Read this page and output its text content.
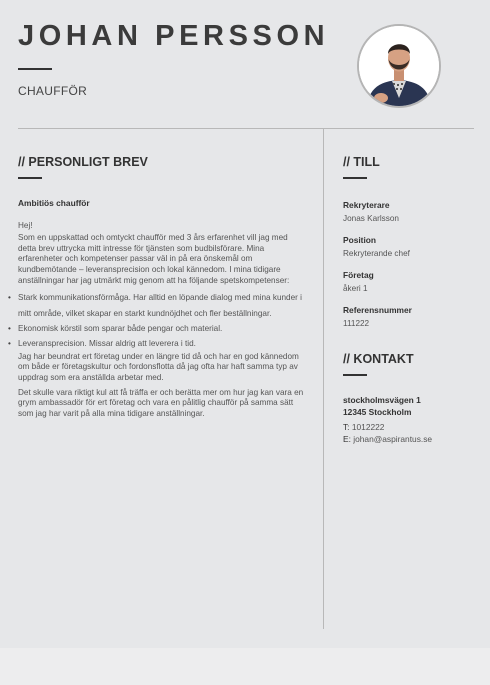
JOHAN PERSSON
CHAUFFÖR
// PERSONLIGT BREV
Ambitiös chaufför

Hej!

Som en uppskattad och omtyckt chaufför med 3 års erfarenhet vill jag med detta brev uttrycka mitt intresse för tjänsten som budbilsförare. Mina erfarenheter och kompetenser passar väl in på era önskemål om kundbemötande – leveransprecision och lokal kännedom. I mina tidigare anställningar har jag utmärkt mig genom att ha följande spetskompetenser:

• Stark kommunikationsförmåga. Har alltid en löpande dialog med mina kunder i mitt område, vilket skapar en starkt kundnöjdhet och fler beställningar.
• Ekonomisk körstil som sparar både pengar och material.
• Leveransprecision. Missar aldrig att leverera i tid.

Jag har beundrat ert företag under en längre tid då och har en god kännedom om både er företagskultur och fordonsflotta då jag ofta har haft samma typ av uppdrag som era anställda arbetar med.

Det skulle vara riktigt kul att få träffa er och berätta mer om hur jag kan vara en grym ambassadör för ert företag och vara en pålitlig chaufför på samma sätt som jag har varit på alla mina tidigare anställningar.

// TILL
Rekryterare
Jonas Karlsson
Position
Rekryterande chef
Företag
åkeri 1
Referensnummer
111222
// KONTAKT
stockholmsvägen 1
12345 Stockholm
T: 1012222
E: johan@aspirantus.se
